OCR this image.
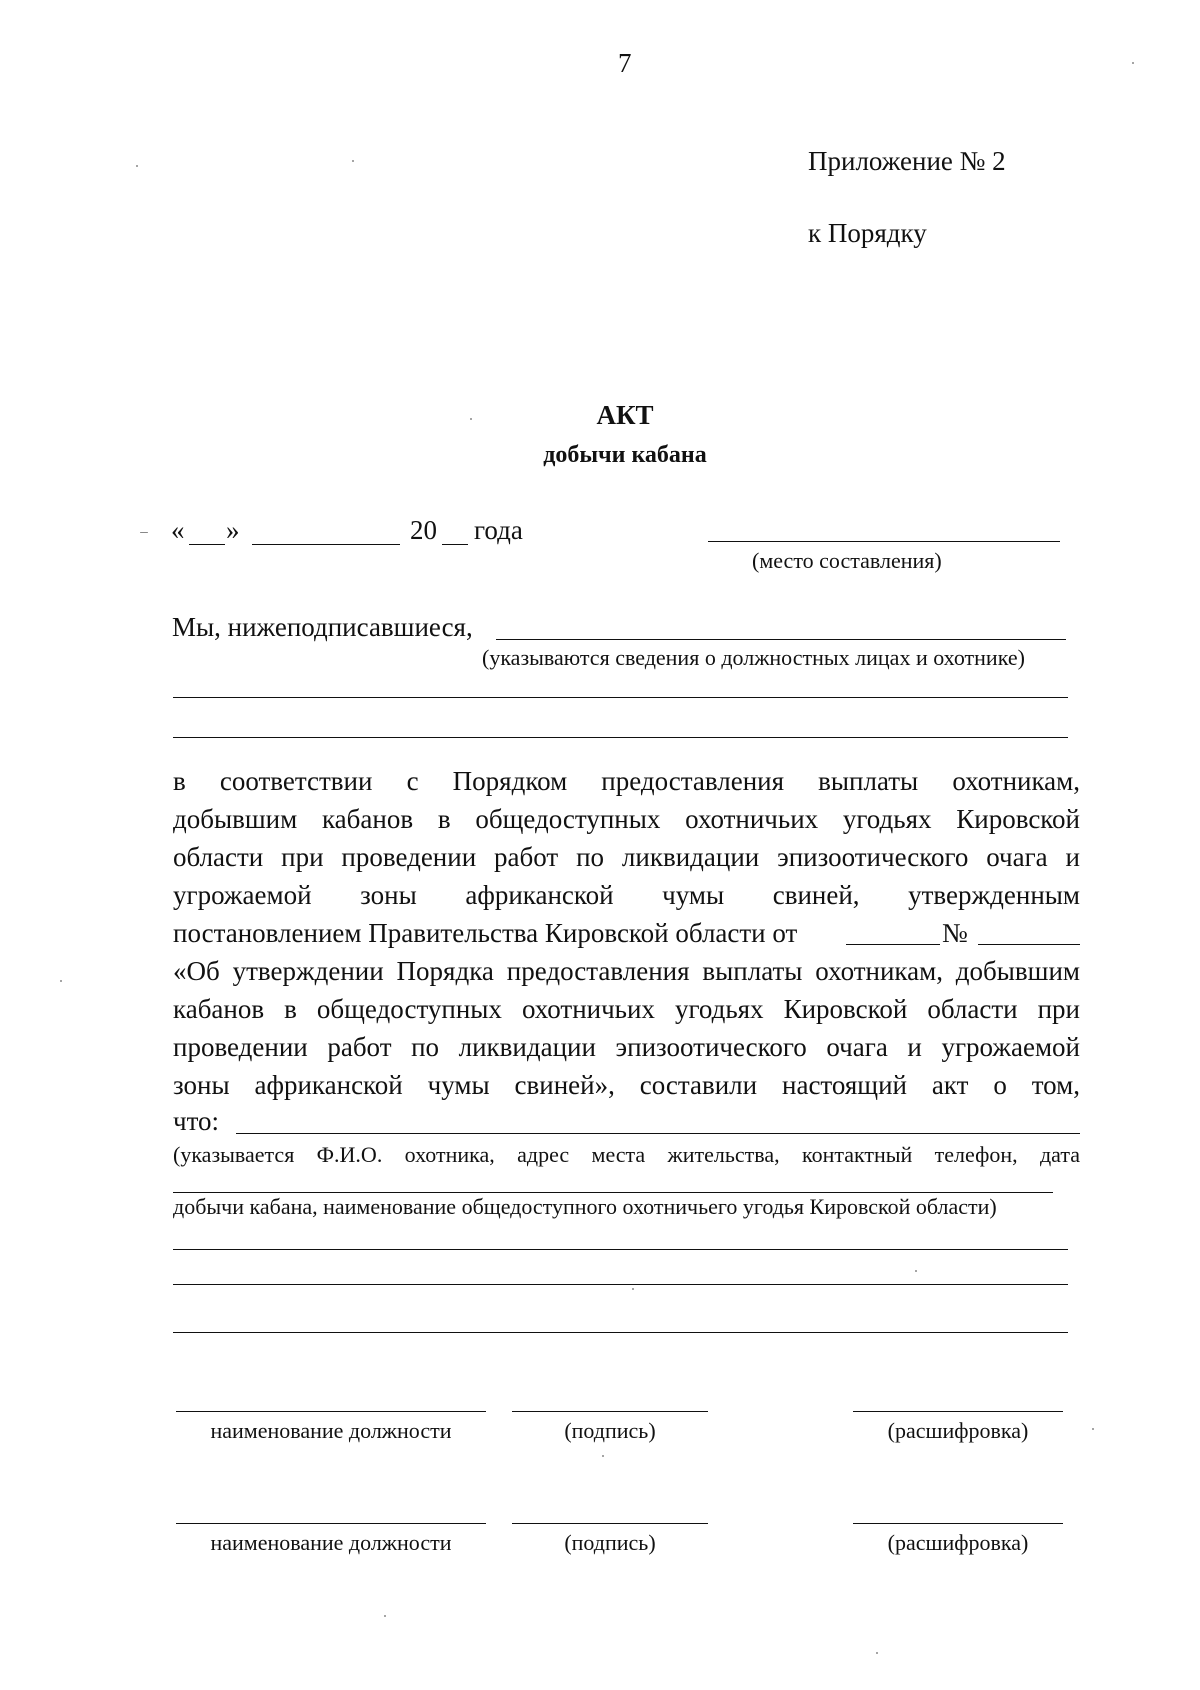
7
Приложение № 2
к Порядку
АКТ
добычи кабана
« »	20 года
(место составления)
Мы, нижеподписавшиеся,
(указываются сведения о должностных лицах и охотнике)
в соответствии с Порядком предоставления выплаты охотникам,
добывшим кабанов в общедоступных охотничьих угодьях Кировской
области при проведении работ по ликвидации эпизоотического очага и
угрожаемой зоны африканской чумы свиней, утвержденным
постановлением Правительства Кировской области от	№
«Об утверждении Порядка предоставления выплаты охотникам, добывшим
кабанов в общедоступных охотничьих угодьях Кировской области при
проведении работ по ликвидации эпизоотического очага и угрожаемой
зоны африканской чумы свиней», составили настоящий акт о том,
что:
(указывается Ф.И.О. охотника, адрес места жительства, контактный телефон, дата
добычи кабана, наименование общедоступного охотничьего угодья Кировской области)
наименование должности	(подпись)	(расшифровка)
наименование должности	(подпись)	(расшифровка)
